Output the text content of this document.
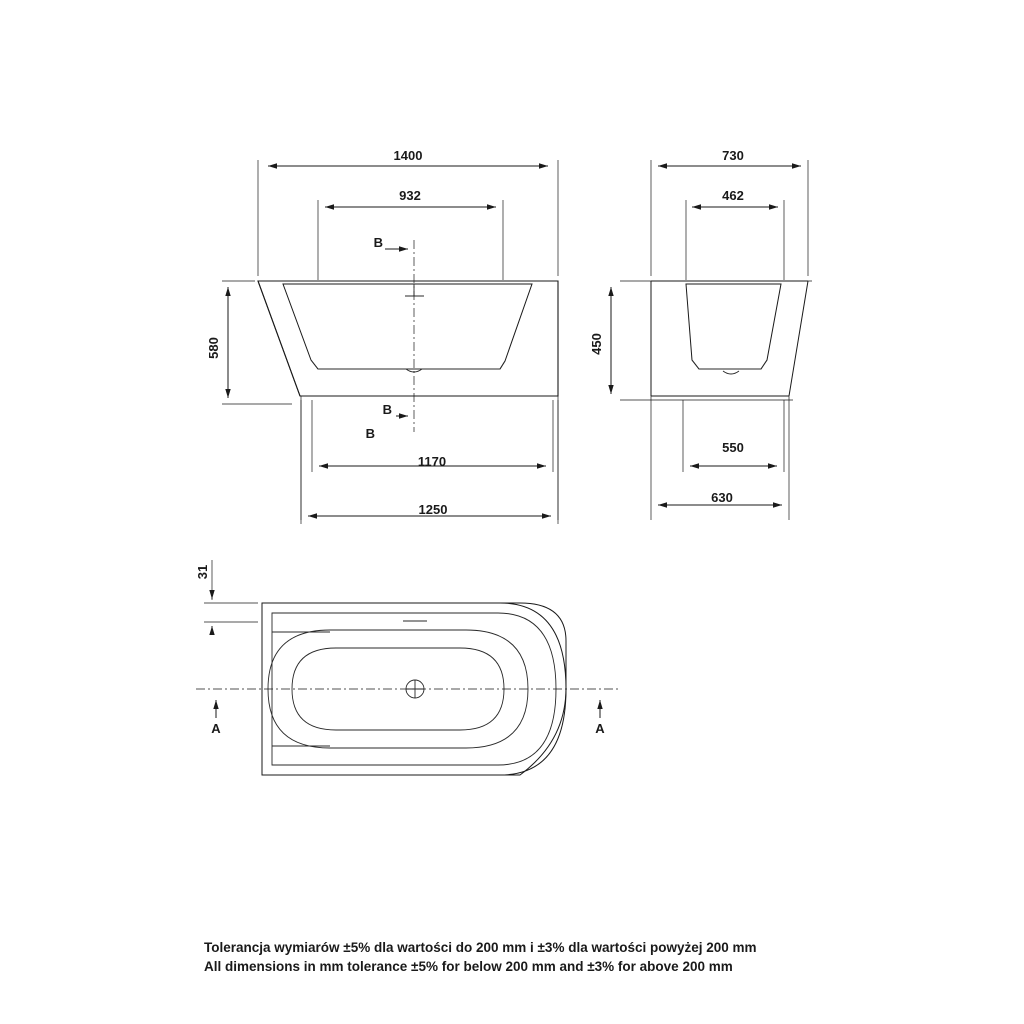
1400
932
580
1170
1250
B
B
B
730
462
450
550
630
A	A
31
Tolerancja wymiarów ±5% dla wartości do 200 mm i ±3% dla wartości powyżej 200 mm
All dimensions in mm tolerance ±5% for below 200 mm and ±3% for above 200 mm
